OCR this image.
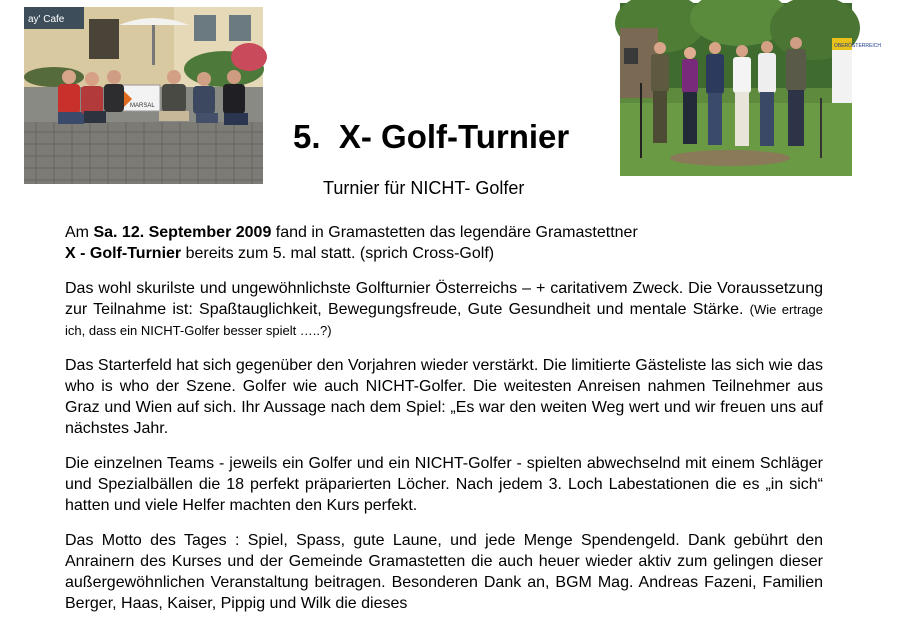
ay' Cafe
MARSAL
OBERÖSTERREICH
5.  X- Golf-Turnier

Turnier für NICHT- Golfer

Am Sa. 12. September 2009 fand in Gramastetten das legendäre Gramastettner
X - Golf-Turnier bereits zum 5. mal statt. (sprich Cross-Golf)

Das wohl skurilste und ungewöhnlichste Golfturnier Österreichs – + caritativem Zweck. Die Voraussetzung zur Teilnahme ist: Spaßtauglichkeit, Bewegungsfreude, Gute Gesundheit und mentale Stärke. (Wie ertrage ich, dass ein NICHT-Golfer besser spielt …..?)

Das Starterfeld hat sich gegenüber den Vorjahren wieder verstärkt. Die limitierte Gästeliste las sich wie das who is who der Szene. Golfer wie auch NICHT-Golfer. Die weitesten Anreisen nahmen Teilnehmer aus Graz und Wien auf sich. Ihr Aussage nach dem Spiel: „Es war den weiten Weg wert und wir freuen uns auf nächstes Jahr.

Die einzelnen Teams - jeweils ein Golfer und ein NICHT-Golfer - spielten abwechselnd mit einem Schläger und Spezialbällen die 18 perfekt präparierten Löcher. Nach jedem 3. Loch Labestationen die es „in sich“ hatten und viele Helfer machten den Kurs perfekt.

Das Motto des Tages : Spiel, Spass, gute Laune, und jede Menge Spendengeld. Dank gebührt den Anrainern des Kurses und der Gemeinde Gramastetten die auch heuer wieder aktiv zum gelingen dieser außergewöhnlichen Veranstaltung beitragen. Besonderen Dank an, BGM Mag. Andreas Fazeni, Familien Berger, Haas, Kaiser, Pippig und Wilk die dieses
